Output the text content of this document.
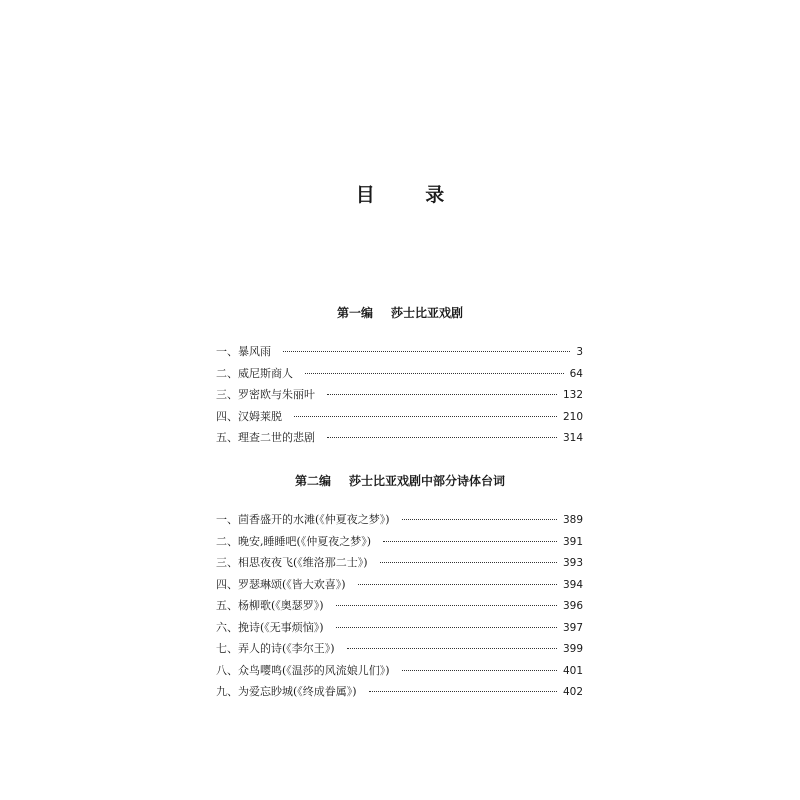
目 录
第一编 莎士比亚戏剧
一、暴风雨	3
二、威尼斯商人	64
三、罗密欧与朱丽叶	132
四、汉姆莱脱	210
五、理查二世的悲剧	314
第二编 莎士比亚戏剧中部分诗体台词
一、茴香盛开的水滩(《仲夏夜之梦》)	389
二、晚安,睡睡吧(《仲夏夜之梦》)	391
三、相思夜夜飞(《维洛那二士》)	393
四、罗瑟琳颂(《皆大欢喜》)	394
五、杨柳歌(《奥瑟罗》)	396
六、挽诗(《无事烦恼》)	397
七、弄人的诗(《李尔王》)	399
八、众鸟嘤鸣(《温莎的风流娘儿们》)	401
九、为爱忘眇城(《终成眷属》)	402
